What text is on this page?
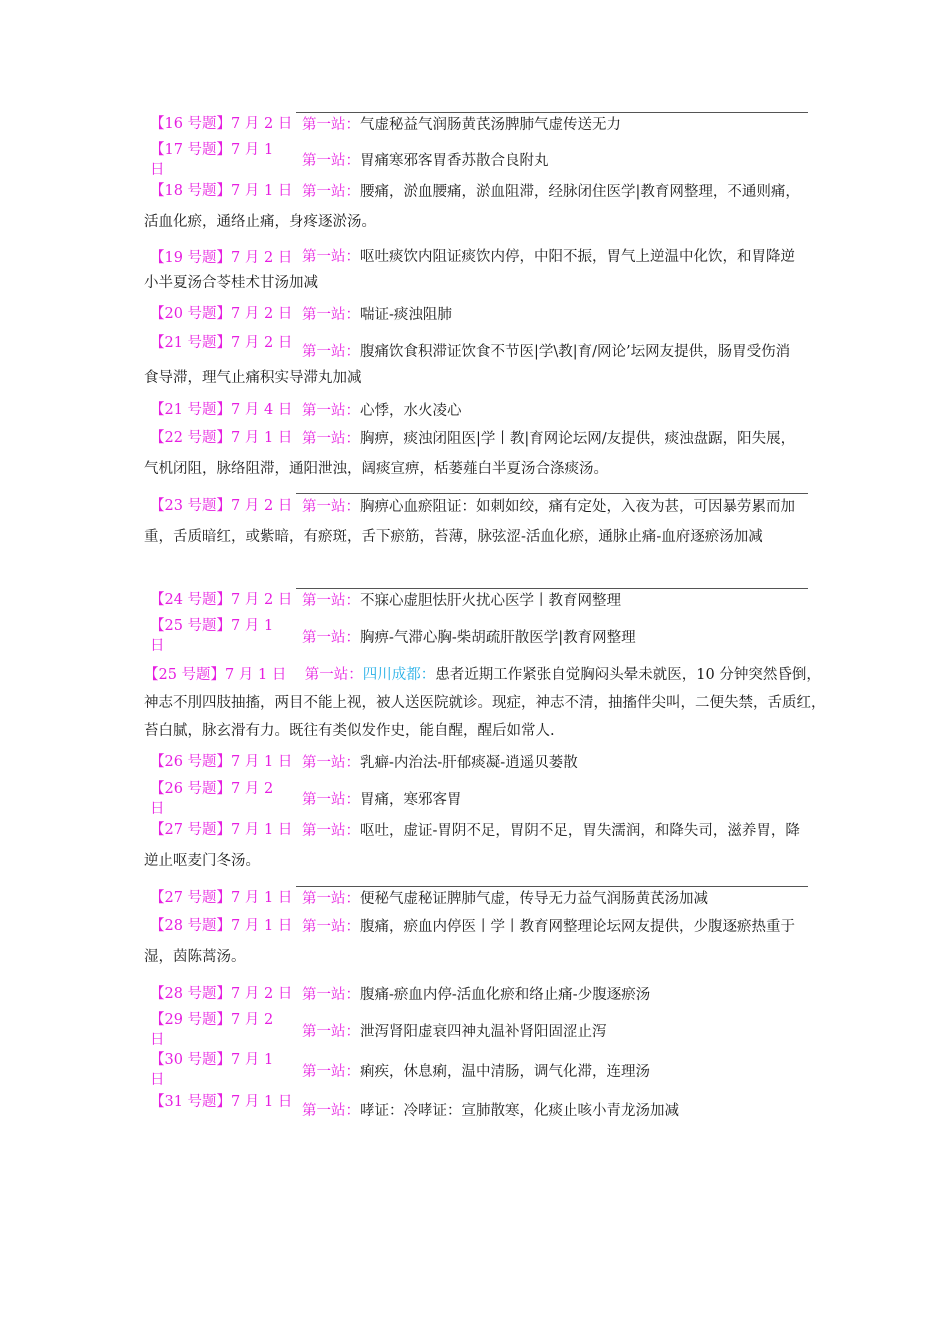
【16 号题】7 月 2 日 第一站：气虚秘益气润肠黄芪汤脾肺气虚传送无力
【17 号题】7 月 1 日
第一站：胃痛寒邪客胃香苏散合良附丸
【18 号题】7 月 1 日 第一站：腰痛，淤血腰痛，淤血阻滞，经脉闭住医学|教育网整理，不通则痛，活血化瘀，通络止痛，身疼逐淤汤。
【19 号题】7 月 2 日 第一站：呕吐痰饮内阻证痰饮内停，中阳不振，胃气上逆温中化饮，和胃降逆小半夏汤合苓桂术甘汤加减
【20 号题】7 月 2 日 第一站：喘证-痰浊阻肺
【21 号题】7 月 2 日
第一站：腹痛饮食积滞证饮食不节医|学\教|育/网论’坛网友提供，肠胃受伤消食导滞，理气止痛积实导滞丸加减
【21 号题】7 月 4 日 第一站：心悸，水火凌心
【22 号题】7 月 1 日 第一站：胸痹，痰浊闭阻医|学丨教|育网论坛网/友提供，痰浊盘踞，阳失展，气机闭阻，脉络阻滞，通阳泄浊，阔痰宣痹，栝蒌薤白半夏汤合涤痰汤。
【23 号题】7 月 2 日 第一站：胸痹心血瘀阻证：如刺如绞，痛有定处，入夜为甚，可因暴劳累而加重，舌质暗红，或紫暗，有瘀斑，舌下瘀筋，苔薄，脉弦涩-活血化瘀，通脉止痛-血府逐瘀汤加减
【24 号题】7 月 2 日 第一站：不寐心虚胆怯肝火扰心医学丨教育网整理
【25 号题】7 月 1 日	第一站：胸痹-气滞心胸-柴胡疏肝散医学|教育网整理
【25 号题】7 月 1 日 第一站：四川成都：患者近期工作紧张自觉胸闷头晕未就医，10 分钟突然昏倒，神志不刖四肢抽搐，两目不能上视，被人送医院就诊。现症，神志不清，抽搐伴尖叫，二便失禁，舌质红，苔白腻，脉玄滑有力。既往有类似发作史，能自醒，醒后如常人.
【26 号题】7 月 1 日 第一站：乳癖-内治法-肝郁痰凝-逍遥贝蒌散
【26 号题】7 月 2 日
第一站：胃痛，寒邪客胃
【27 号题】7 月 1 日 第一站：呕吐，虚证-胃阴不足，胃阴不足，胃失濡润，和降失司，滋养胃，降逆止呕麦门冬汤。
【27 号题】7 月 1 日 第一站：便秘气虚秘证脾肺气虚，传导无力益气润肠黄芪汤加减
【28 号题】7 月 1 日 第一站：腹痛，瘀血内停医丨学丨教育网整理论坛网友提供，少腹逐瘀热重于湿，茵陈蒿汤。
【28 号题】7 月 2 日 第一站：腹痛-瘀血内停-活血化瘀和络止痛-少腹逐瘀汤
【29 号题】7 月 2 日	第一站：泄泻肾阳虚衰四神丸温补肾阳固涩止泻
【30 号题】7 月 1 日	第一站：痢疾，休息痢，温中清肠，调气化滞，连理汤
【31 号题】7 月 1 日
第一站：哮证：冷哮证：宣肺散寒，化痰止咳小青龙汤加减
